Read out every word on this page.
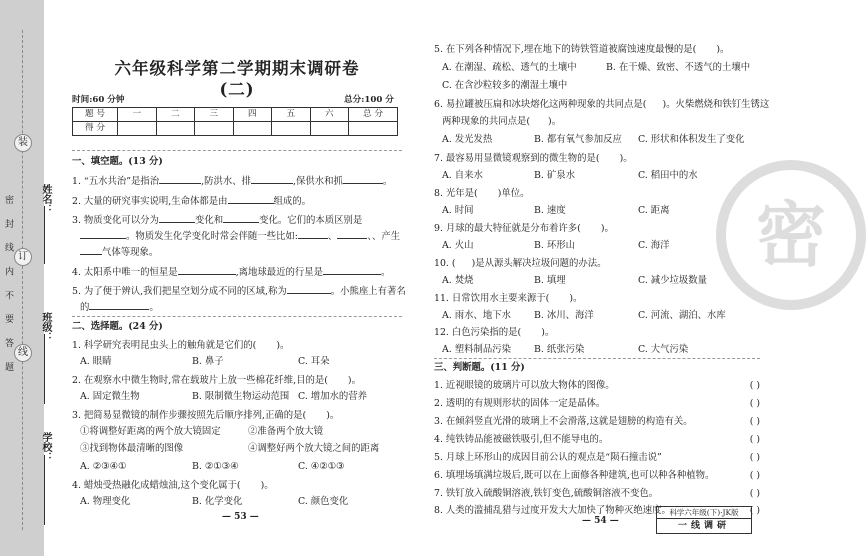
装
订
线
密 封 线 内 不 要 答 题	姓名：
班级：
学校：
六年级科学第二学期期末调研卷(二)
时间:60 分钟	总分:100 分
题 号	一	二	三	四	五	六	总 分
得 分							
一、填空题。(13 分)
1. “五水共治”是指治	,防洪水、排	,保供水和抓	。
2. 大量的研究事实说明,生命体都是由	组成的。
3. 物质变化可以分为	变化和	变化。它们的本质区别是
。物质发生化学变化时常会伴随一些比如:	、	、、产生
气体等现象。
4. 太阳系中唯一的恒星是	,离地球最近的行星是	。
5. 为了便于辨认,我们把星空划分成不同的区域,称为	。小熊座上有著名
的	。
二、选择题。(24 分)
1. 科学研究表明昆虫头上的触角就是它们的( )。
A. 眼睛	B. 鼻子	C. 耳朵
2. 在观察水中微生物时,常在载玻片上放一些棉花纤维,目的是( )。
A. 固定微生物	B. 限制微生物运动范围 C. 增加水的营养
3. 把简易显微镜的制作步骤按照先后顺序排列,正确的是( )。
①将调整好距离的两个放大镜固定	②准备两个放大镜
③找到物体最清晰的图像	④调整好两个放大镜之间的距离
A. ②③④①	B. ②①③④	C. ④②①③
4. 蜡烛受热融化成蜡烛油,这个变化属于( )。
A. 物理变化	B. 化学变化	C. 颜色变化
— 53 —
密
5. 在下列各种情况下,埋在地下的铸铁管道被腐蚀速度最慢的是( )。
A. 在潮湿、疏松、透气的土壤中	B. 在干燥、致密、不透气的土壤中
C. 在含沙粒较多的潮湿土壤中
6. 易拉罐被压扁和冰块熔化这两种现象的共同点是( )。火柴燃烧和铁钉生锈这
两种现象的共同点是( )。
A. 发光发热	B. 都有氧气参加反应 C. 形状和体积发生了变化
7. 最容易用显微镜观察到的微生物的是( )。
A. 自来水	B. 矿泉水	C. 稻田中的水
8. 光年是( )单位。
A. 时间	B. 速度	C. 距离
9. 月球的最大特征就是分布着许多( )。
A. 火山	B. 环形山	C. 海洋
10. ( )是从源头解决垃圾问题的办法。
A. 焚烧	B. 填埋	C. 减少垃圾数量
11. 日常饮用水主要来源于( )。
A. 雨水、地下水 B. 冰川、海洋	C. 河流、湖泊、水库
12. 白色污染指的是( )。
A. 塑料制品污染 B. 纸张污染	C. 大气污染
三、判断题。(11 分)
1. 近视眼镜的玻璃片可以放大物体的图像。	( )
2. 透明的有规则形状的固体一定是晶体。	( )
3. 在倾斜竖直光滑的玻璃上不会滑落,这就是翅膀的构造有关。	( )
4. 纯铁铸品能被磁铁吸引,但不能导电的。	( )
5. 月球上环形山的成因目前公认的观点是“陨石撞击说”	( )
6. 填埋场填满垃圾后,既可以在上面修各种建筑,也可以种各种植物。	( )
7. 铁钉放入硫酸铜溶液,铁钉变色,硫酸铜溶液不变色。	( )
8. 人类的滥捕乱猎与过度开发大大加快了物种灭绝速度。	( )
— 54 —
科学六年级(下)·JK版
一线调研
